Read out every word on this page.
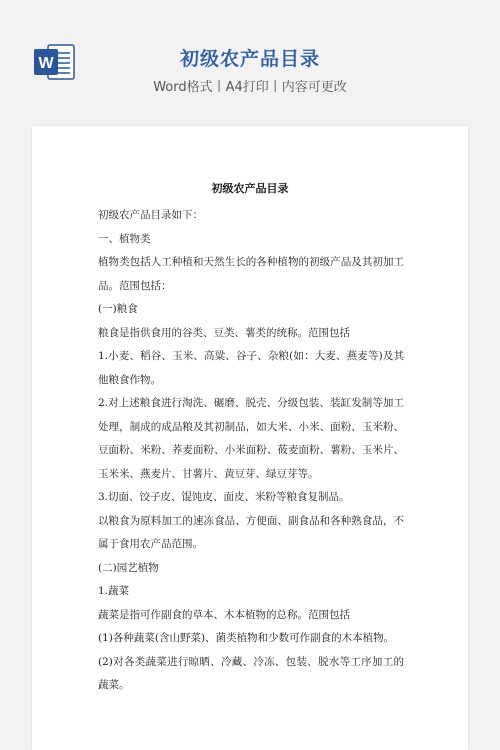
W	初级农产品目录
Word格式丨A4打印丨内容可更改
初级农产品目录

初级农产品目录如下：

一、植物类

植物类包括人工种植和天然生长的各种植物的初级产品及其初加工品。范围包括：

(一)粮食

粮食是指供食用的谷类、豆类、薯类的统称。范围包括

1.小麦、稻谷、玉米、高粱、谷子、杂粮(如：大麦、燕麦等)及其他粮食作物。

2.对上述粮食进行淘洗、碾磨、脱壳、分级包装、装缸发制等加工处理，制成的成品粮及其初制品，如大米、小米、面粉、玉米粉、豆面粉、米粉、荞麦面粉、小米面粉、莜麦面粉、薯粉、玉米片、玉米米、燕麦片、甘薯片、黄豆芽、绿豆芽等。

3.切面、饺子皮、馄饨皮、面皮、米粉等粮食复制品。

以粮食为原料加工的速冻食品、方便面、副食品和各种熟食品，不属于食用农产品范围。

(二)园艺植物

1.蔬菜

蔬菜是指可作副食的草本、木本植物的总称。范围包括

(1)各种蔬菜(含山野菜)、菌类植物和少数可作副食的木本植物。

(2)对各类蔬菜进行晾晒、冷藏、冷冻、包装、脱水等工序加工的蔬菜。
